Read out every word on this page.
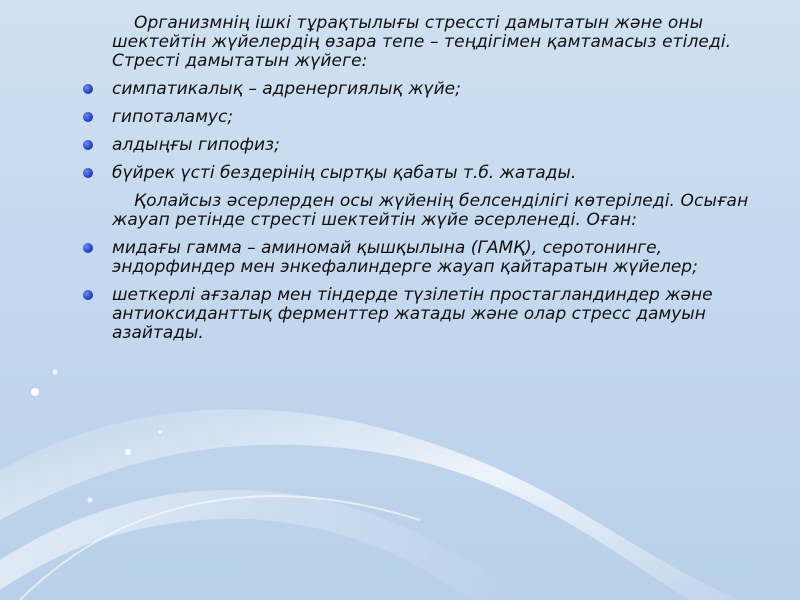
Организмнің ішкі тұрақтылығы стрессті дамытатын және оны шектейтін жүйелердің өзара тепе – теңдігімен қамтамасыз етіледі. Стресті дамытатын жүйеге:

симпатикалық – адренергиялық жүйе;
гипоталамус;
алдыңғы гипофиз;
бүйрек үсті бездерінің сыртқы қабаты т.б. жатады.

Қолайсыз әсерлерден осы жүйенің белсенділігі көтеріледі. Осыған жауап ретінде стресті шектейтін жүйе әсерленеді. Оған:

мидағы гамма – аминомай қышқылына (ГАМҚ), серотонинге, эндорфиндер мен энкефалиндерге жауап қайтаратын жүйелер;
шеткерлі ағзалар мен тіндерде түзілетін простагландиндер және антиоксиданттық ферменттер жатады және олар стресс дамуын азайтады.
